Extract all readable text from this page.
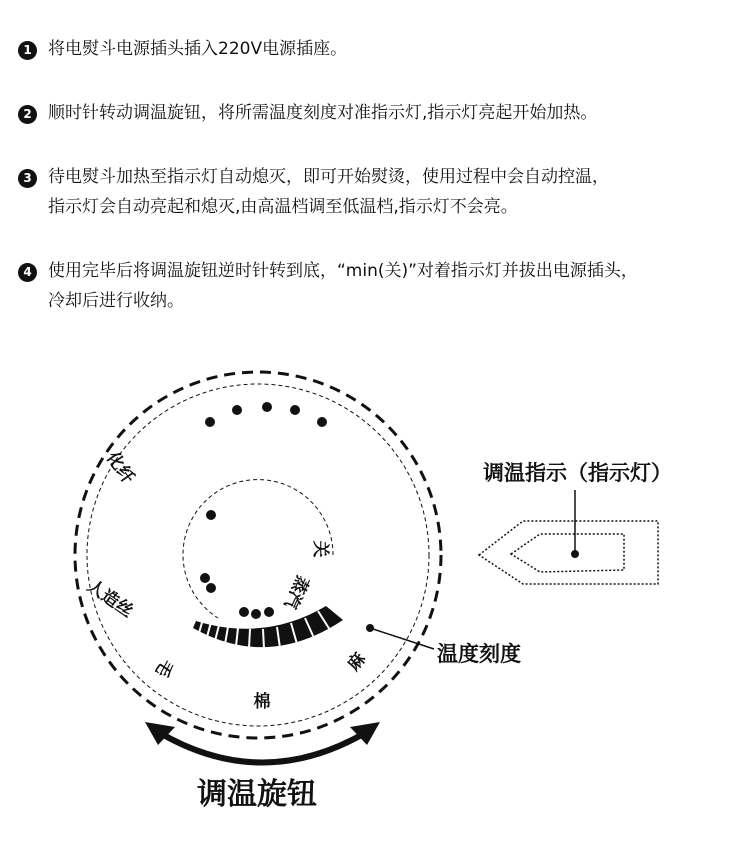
1 将电熨斗电源插头插入220V电源插座。
2 顺时针转动调温旋钮，将所需温度刻度对准指示灯,指示灯亮起开始加热。
3 待电熨斗加热至指示灯自动熄灭，即可开始熨烫，使用过程中会自动控温，
指示灯会自动亮起和熄灭,由高温档调至低温档,指示灯不会亮。
4 使用完毕后将调温旋钮逆时针转到底，“min(关)”对着指示灯并拔出电源插头，
冷却后进行收纳。
关
蒸汽
化纤
人造丝
毛
棉
麻	温度刻度
调温指示（指示灯）
调温旋钮
